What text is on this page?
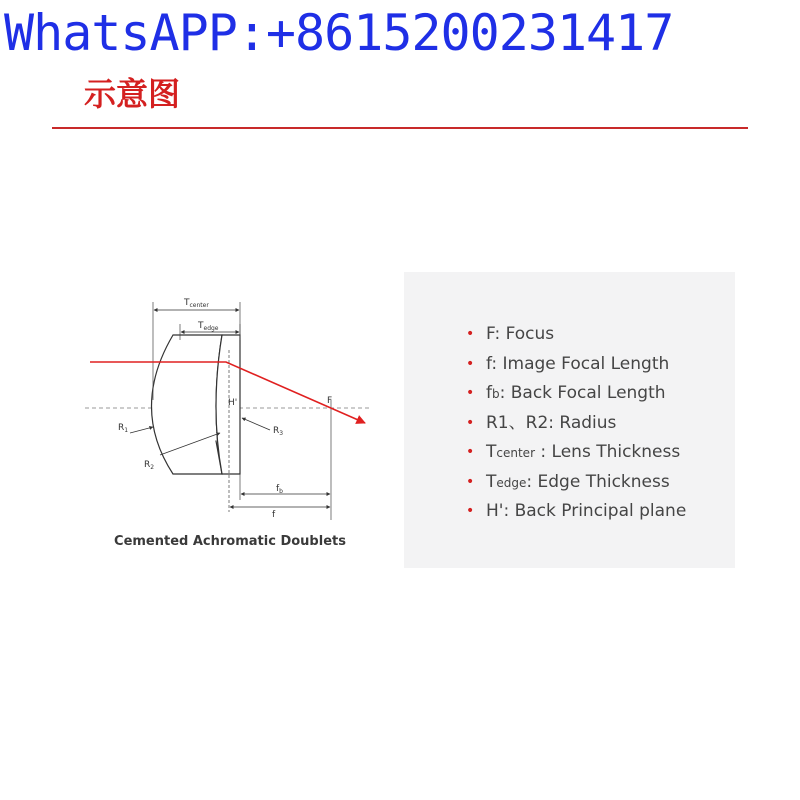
WhatsAPP:+8615200231417
示意图
$T_{center}$
$T_{edge}$
H'	F
$R_1$
$R_2$
$R_3$
$f_b$
f
Cemented Achromatic Doublets
• F: Focus
• f: Image Focal Length
• fb: Back Focal Length
• R1、R2: Radius
• Tcenter : Lens Thickness
• Tedge: Edge Thickness
• H': Back Principal plane
